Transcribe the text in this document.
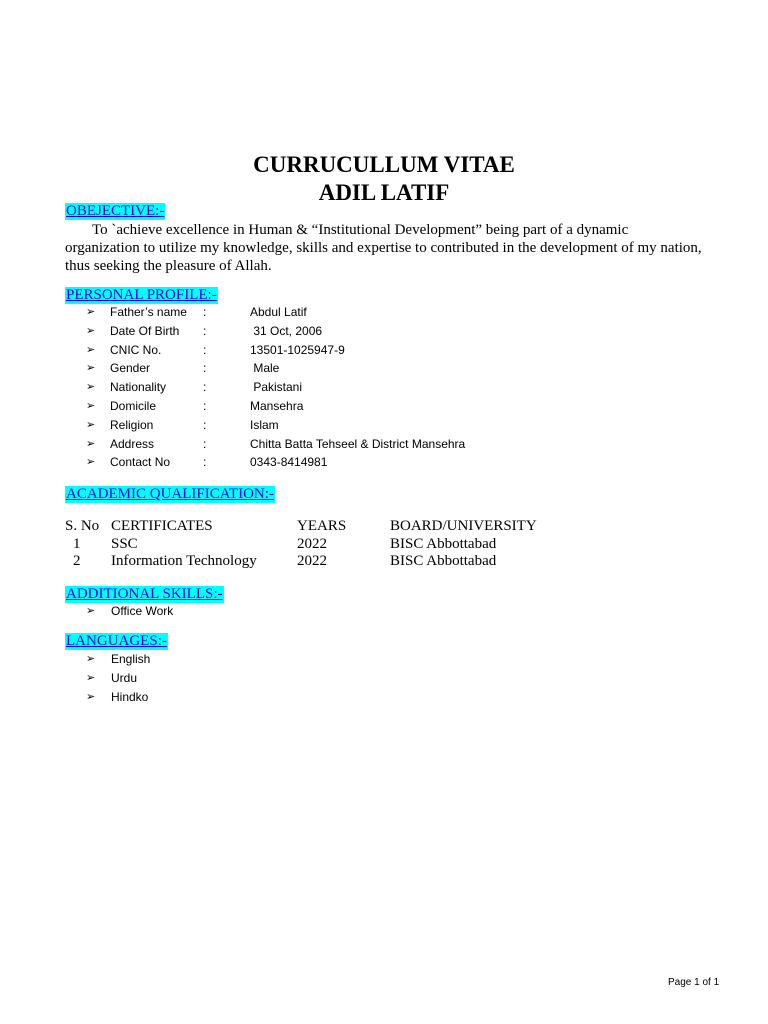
CURRUCULLUM VITAE
ADIL LATIF
OBEJECTIVE:-

To `achieve excellence in Human & “Institutional Development” being part of a dynamic organization to utilize my knowledge, skills and expertise to contributed in the development of my nation, thus seeking the pleasure of Allah.

PERSONAL PROFILE:-
➢	Father’s name :	Abdul Latif
➢	Date Of Birth :	31 Oct, 2006
➢	CNIC No.	:	13501-1025947-9
➢	Gender	:	Male
➢	Nationality	:	Pakistani
➢	Domicile	:	Mansehra
➢	Religion	:	Islam
➢	Address	:	Chitta Batta Tehseel & District Mansehra
➢	Contact No	:	0343-8414981
ACADEMIC QUALIFICATION:-
S. No	CERTIFICATES	YEARS	BOARD/UNIVERSITY
1	SSC	2022	BISC Abbottabad
2	Information Technology	2022	BISC Abbottabad
ADDITIONAL SKILLS:-
➢	Office Work
LANGUAGES:-
➢	English
➢	Urdu
➢	Hindko
Page 1 of 1
